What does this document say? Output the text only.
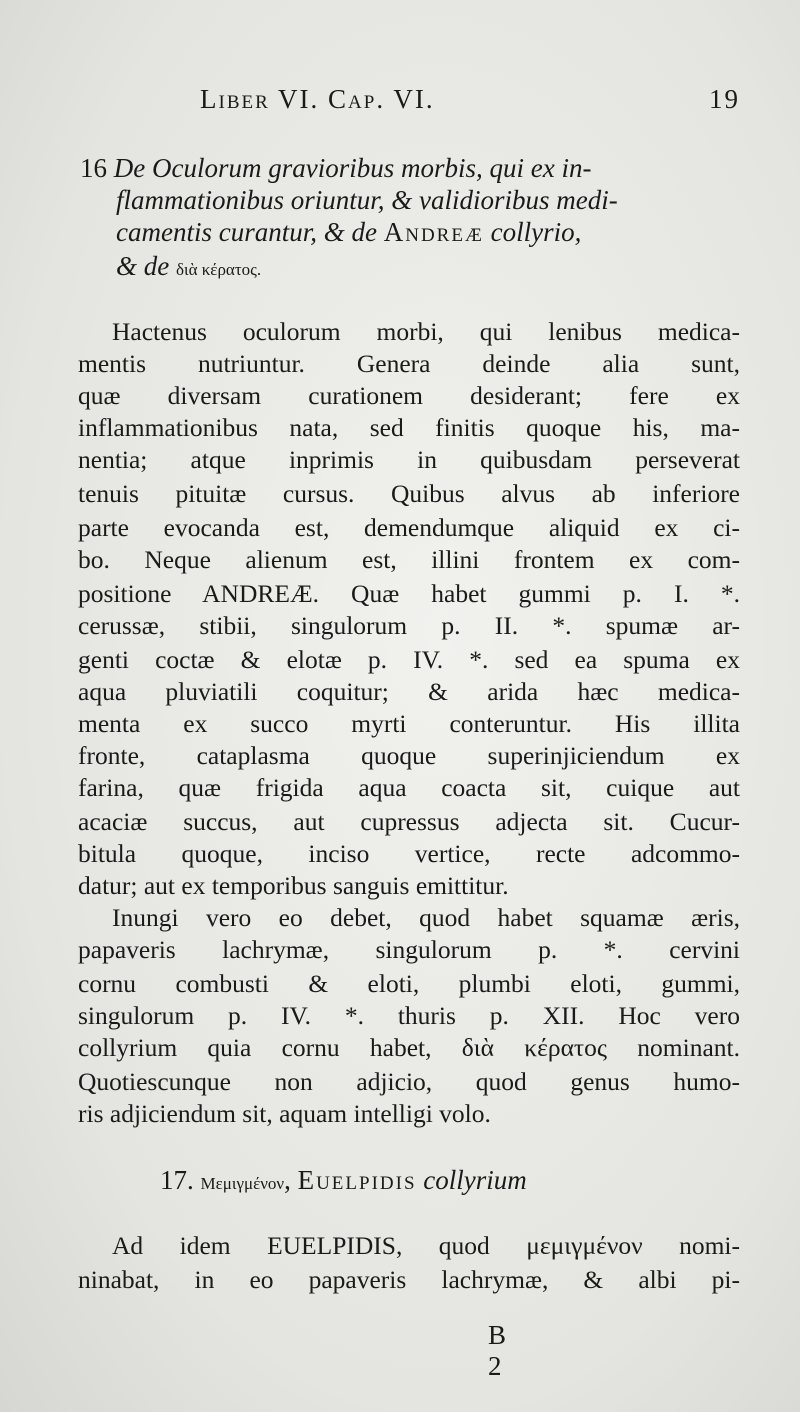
Liber VI. Cap. VI.	19
16 De Oculorum gravioribus morbis, qui ex in-
flammationibus oriuntur, & validioribus medi-
camentis curantur, & de Andreæ collyrio,
& de διὰ κέρατος.
Hactenus oculorum morbi, qui lenibus medica-
mentis nutriuntur. Genera deinde alia sunt,
quæ diversam curationem desiderant; fere ex
inflammationibus nata, sed finitis quoque his, ma-
nentia; atque inprimis in quibusdam perseverat
tenuis pituitæ cursus. Quibus alvus ab inferiore
parte evocanda est, demendumque aliquid ex ci-
bo. Neque alienum est, illini frontem ex com-
positione ANDREÆ. Quæ habet gummi p. I. *.
cerussæ, stibii, singulorum p. II. *. spumæ ar-
genti coctæ & elotæ p. IV. *. sed ea spuma ex
aqua pluviatili coquitur; & arida hæc medica-
menta ex succo myrti conteruntur. His illita
fronte, cataplasma quoque superinjiciendum ex
farina, quæ frigida aqua coacta sit, cuique aut
acaciæ succus, aut cupressus adjecta sit. Cucur-
bitula quoque, inciso vertice, recte adcommo-
datur; aut ex temporibus sanguis emittitur.
Inungi vero eo debet, quod habet squamæ æris,
papaveris lachrymæ, singulorum p. *. cervini
cornu combusti & eloti, plumbi eloti, gummi,
singulorum p. IV. *. thuris p. XII. Hoc vero
collyrium quia cornu habet, διὰ κέρατος nominant.
Quotiescunque non adjicio, quod genus humo-
ris adjiciendum sit, aquam intelligi volo.
17. Μεμιγμένον, Euelpidis collyrium
Ad idem EUELPIDIS, quod μεμιγμένον nomi-
ninabat, in eo papaveris lachrymæ, & albi pi-
B 2
